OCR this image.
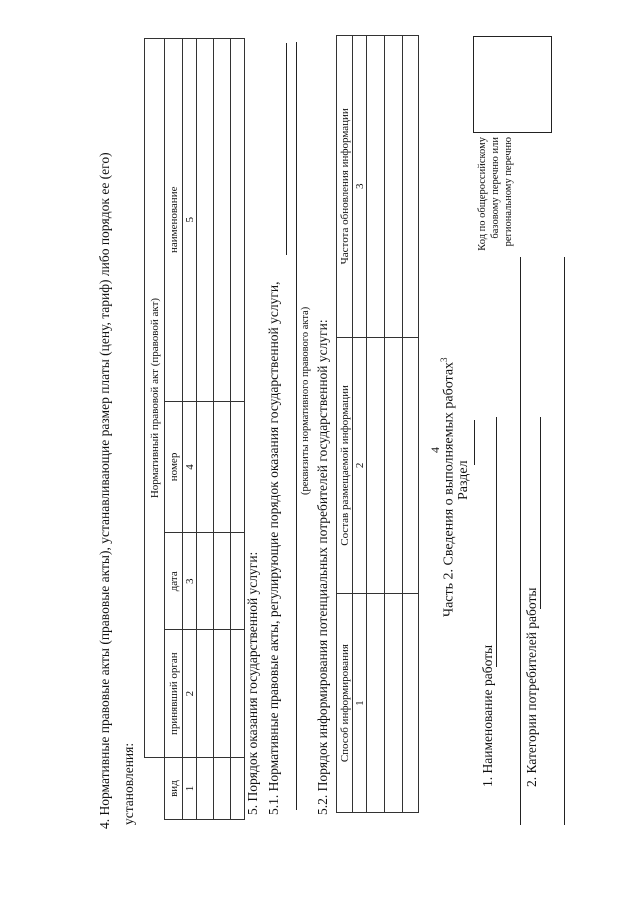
4
4. Нормативные правовые акты (правовые акты), устанавливающие размер платы (цену, тариф) либо порядок ее (его) установления:
	Нормативный правовой акт (правовой акт)			
вид	принявший орган	дата	номер	наименование
1	2	3	4	5

5. Порядок оказания государственной услуги: 5.1. Нормативные правовые акты, регулирующие порядок оказания государственной услуги, (реквизиты нормативного правового акта) 5.2. Порядок информирования потенциальных потребителей государственной услуги: Способ информирования	Состав размещаемой информации	Частота обновления информации
1	2	3

Часть 2. Сведения о выполняемых работах$^3$
Раздел
1. Наименование работы 2. Категории потребителей работы
Код по общероссийскому базовому перечню или региональному перечню
